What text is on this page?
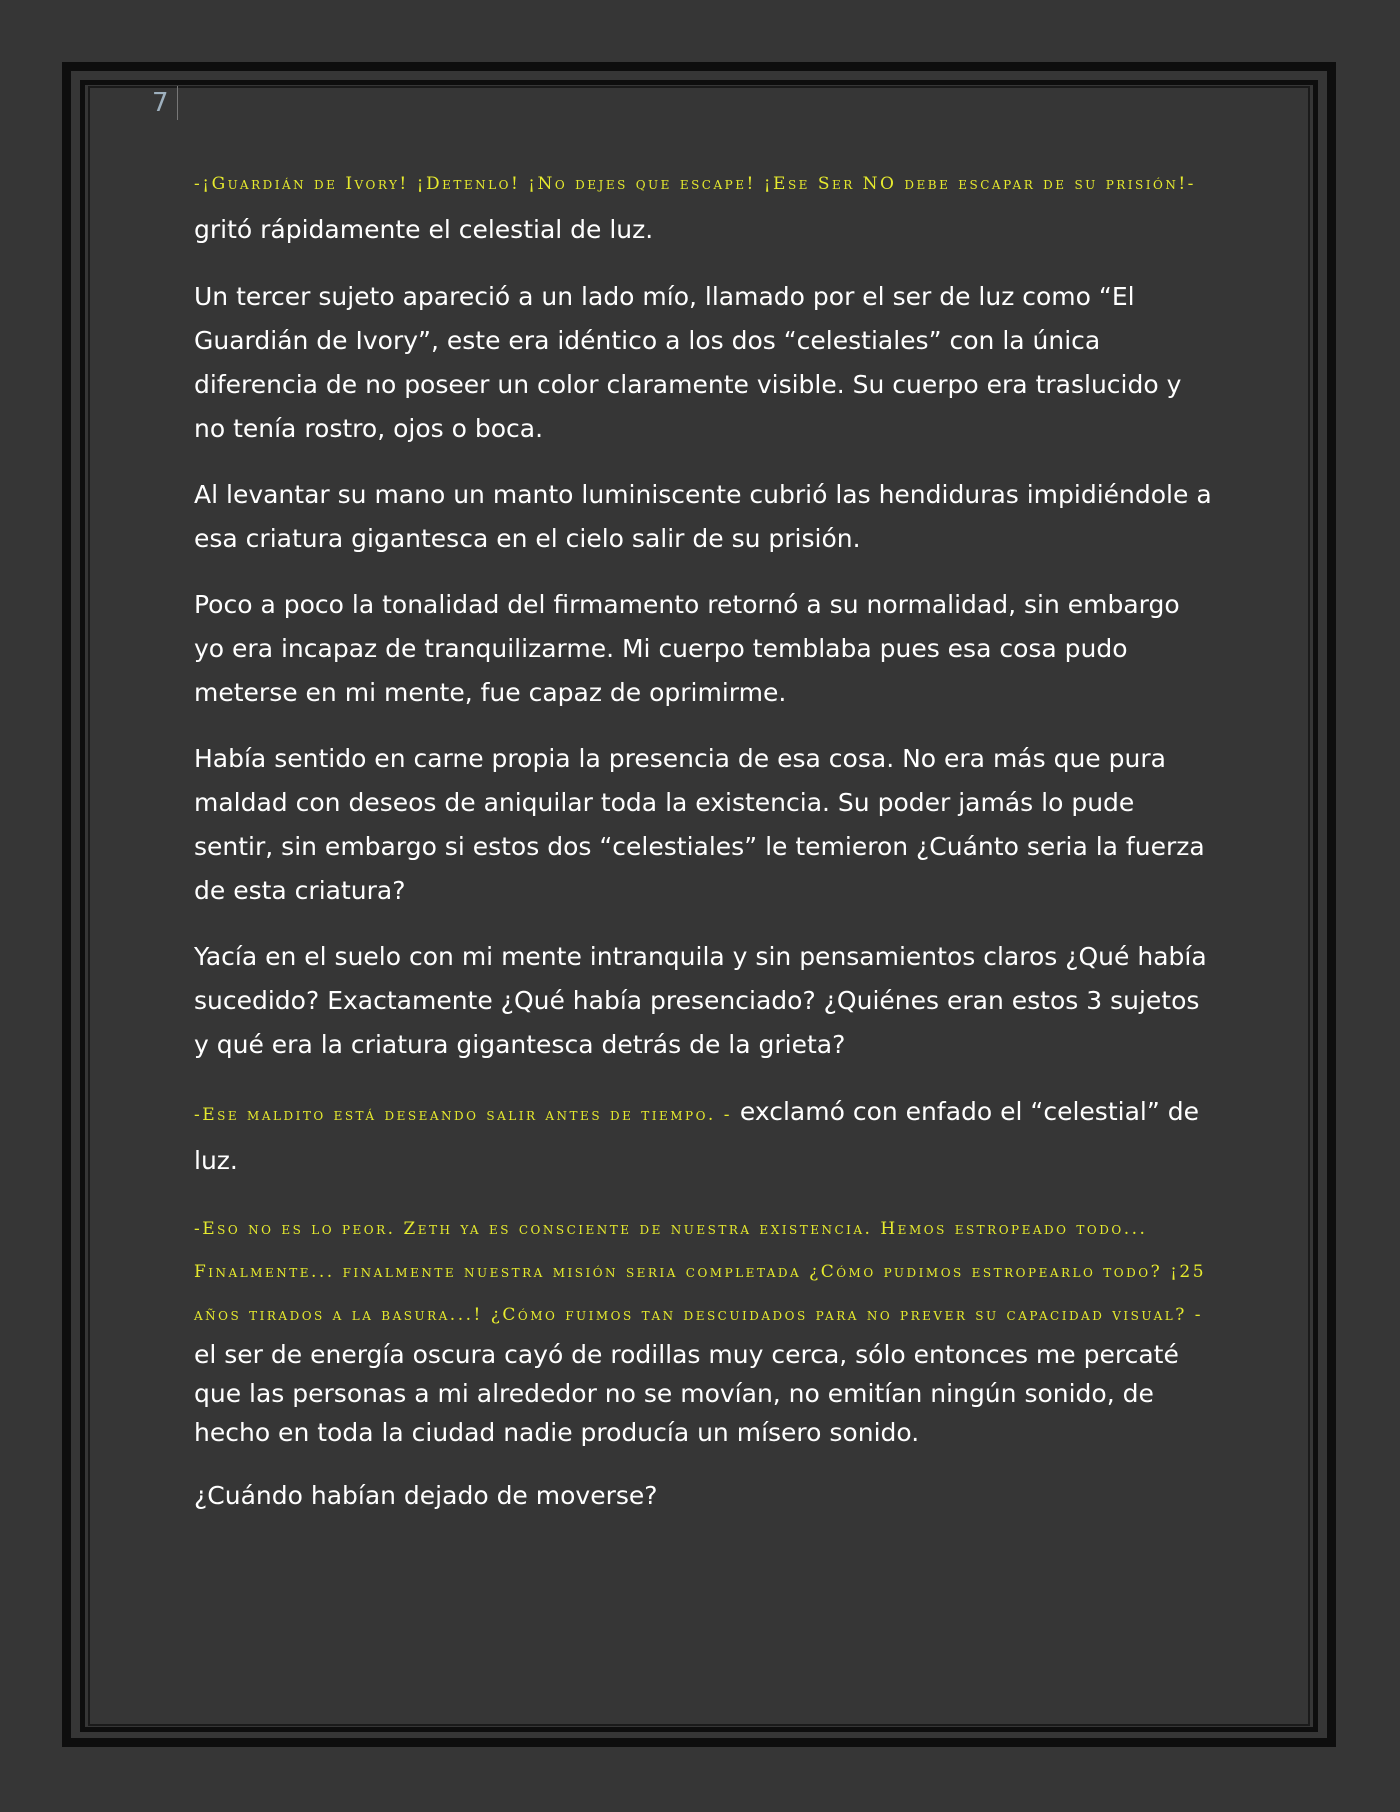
7

-¡Guardián de Ivory! ¡Detenlo! ¡No dejes que escape! ¡Ese Ser NO debe escapar de su prisión!- gritó rápidamente el celestial de luz.

Un tercer sujeto apareció a un lado mío, llamado por el ser de luz como “El Guardián de Ivory”, este era idéntico a los dos “celestiales” con la única diferencia de no poseer un color claramente visible. Su cuerpo era traslucido y no tenía rostro, ojos o boca.

Al levantar su mano un manto luminiscente cubrió las hendiduras impidiéndole a esa criatura gigantesca en el cielo salir de su prisión.

Poco a poco la tonalidad del firmamento retornó a su normalidad, sin embargo yo era incapaz de tranquilizarme. Mi cuerpo temblaba pues esa cosa pudo meterse en mi mente, fue capaz de oprimirme.

Había sentido en carne propia la presencia de esa cosa. No era más que pura maldad con deseos de aniquilar toda la existencia. Su poder jamás lo pude sentir, sin embargo si estos dos “celestiales” le temieron ¿Cuánto seria la fuerza de esta criatura?

Yacía en el suelo con mi mente intranquila y sin pensamientos claros ¿Qué había sucedido? Exactamente ¿Qué había presenciado? ¿Quiénes eran estos 3 sujetos y qué era la criatura gigantesca detrás de la grieta?

-Ese maldito está deseando salir antes de tiempo. - exclamó con enfado el “celestial” de luz.

-Eso no es lo peor. Zeth ya es consciente de nuestra existencia. Hemos estropeado todo... Finalmente... finalmente nuestra misión seria completada ¿Cómo pudimos estropearlo todo? ¡25 años tirados a la basura...! ¿Cómo fuimos tan descuidados para no prever su capacidad visual? - el ser de energía oscura cayó de rodillas muy cerca, sólo entonces me percaté que las personas a mi alrededor no se movían, no emitían ningún sonido, de hecho en toda la ciudad nadie producía un mísero sonido.

¿Cuándo habían dejado de moverse?
